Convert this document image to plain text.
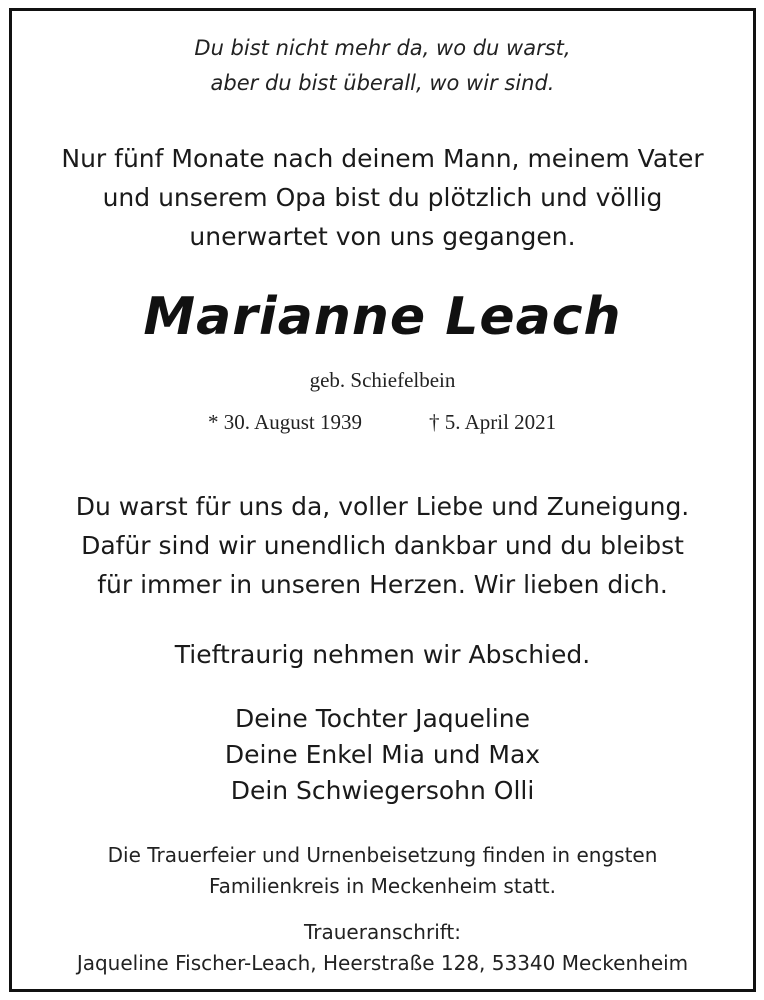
Du bist nicht mehr da, wo du warst,
aber du bist überall, wo wir sind.
Nur fünf Monate nach deinem Mann, meinem Vater
und unserem Opa bist du plötzlich und völlig
unerwartet von uns gegangen.
Marianne Leach
geb. Schiefelbein
* 30. August 1939	† 5. April 2021
Du warst für uns da, voller Liebe und Zuneigung.
Dafür sind wir unendlich dankbar und du bleibst
für immer in unseren Herzen. Wir lieben dich.
Tieftraurig nehmen wir Abschied.
Deine Tochter Jaqueline
Deine Enkel Mia und Max
Dein Schwiegersohn Olli
Die Trauerfeier und Urnenbeisetzung finden in engsten
Familienkreis in Meckenheim statt.
Traueranschrift:
Jaqueline Fischer-Leach, Heerstraße 128, 53340 Meckenheim
